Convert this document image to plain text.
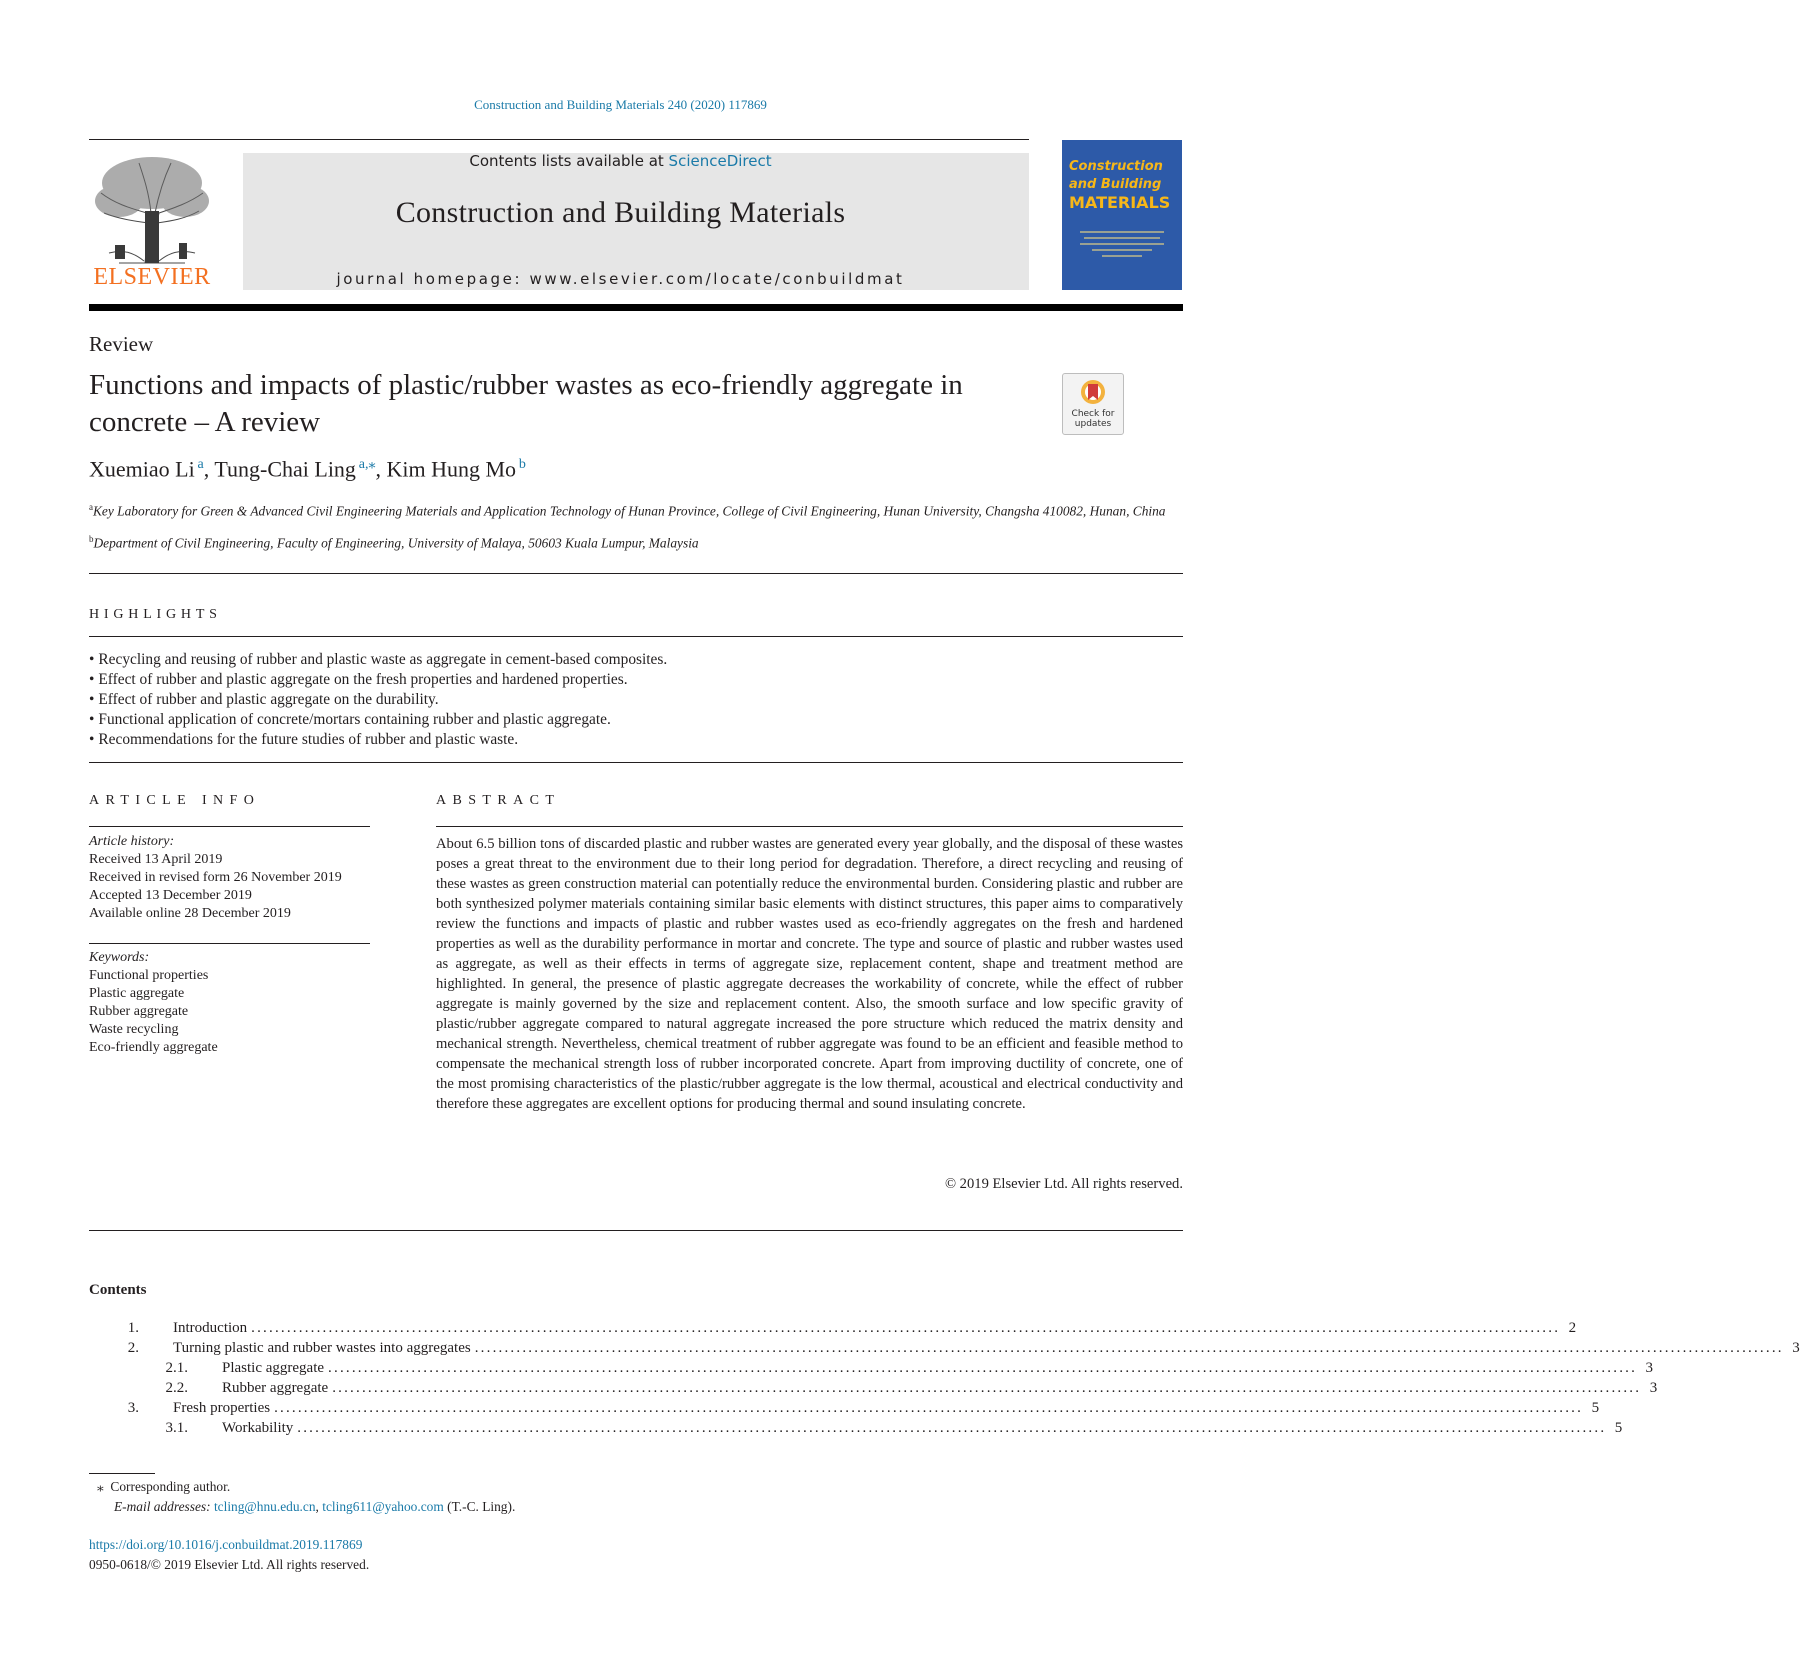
Construction and Building Materials 240 (2020) 117869
ELSEVIER
Contents lists available at ScienceDirect
Construction and Building Materials
journal homepage: www.elsevier.com/locate/conbuildmat
Construction
and Building
MATERIALS
Review
Functions and impacts of plastic/rubber wastes as eco-friendly aggregate in concrete – A review	Check for
updates
Xuemiao Li  $^a$, Tung-Chai Ling  $^{a,⁎}$, Kim Hung Mo  $^b$
$^a$Key Laboratory for Green & Advanced Civil Engineering Materials and Application Technology of Hunan Province, College of Civil Engineering, Hunan University, Changsha 410082, Hunan, China
$^b$Department of Civil Engineering, Faculty of Engineering, University of Malaya, 50603 Kuala Lumpur, Malaysia
HIGHLIGHTS
• Recycling and reusing of rubber and plastic waste as aggregate in cement-based composites.
• Effect of rubber and plastic aggregate on the fresh properties and hardened properties.
• Effect of rubber and plastic aggregate on the durability.
• Functional application of concrete/mortars containing rubber and plastic aggregate.
• Recommendations for the future studies of rubber and plastic waste.
ARTICLE INFO	ABSTRACT
Article history:
Received 13 April 2019
Received in revised form 26 November 2019
Accepted 13 December 2019
Available online 28 December 2019
Keywords:
Functional properties
Plastic aggregate
Rubber aggregate
Waste recycling
Eco-friendly aggregate
About 6.5 billion tons of discarded plastic and rubber wastes are generated every year globally, and the disposal of these wastes poses a great threat to the environment due to their long period for degradation. Therefore, a direct recycling and reusing of these wastes as green construction material can potentially reduce the environmental burden. Considering plastic and rubber are both synthesized polymer materials containing similar basic elements with distinct structures, this paper aims to comparatively review the functions and impacts of plastic and rubber wastes used as eco-friendly aggregates on the fresh and hardened properties as well as the durability performance in mortar and concrete. The type and source of plastic and rubber wastes used as aggregate, as well as their effects in terms of aggregate size, replacement content, shape and treatment method are highlighted. In general, the presence of plastic aggregate decreases the workability of concrete, while the effect of rubber aggregate is mainly governed by the size and replacement content. Also, the smooth surface and low specific gravity of plastic/rubber aggregate compared to natural aggregate increased the pore structure which reduced the matrix density and mechanical strength. Nevertheless, chemical treatment of rubber aggregate was found to be an efficient and feasible method to compensate the mechanical strength loss of rubber incorporated concrete. Apart from improving ductility of concrete, one of the most promising characteristics of the plastic/rubber aggregate is the low thermal, acoustical and electrical conductivity and therefore these aggregates are excellent options for producing thermal and sound insulating concrete.
© 2019 Elsevier Ltd. All rights reserved.
Contents
1. Introduction ............................................................................................................................................................................................................................ 2
2. Turning plastic and rubber wastes into aggregates ............................................................................................................................................................................................................................ 3
2.1. Plastic aggregate ............................................................................................................................................................................................................................ 3
2.2. Rubber aggregate ............................................................................................................................................................................................................................ 3
3. Fresh properties ............................................................................................................................................................................................................................ 5
3.1. Workability ............................................................................................................................................................................................................................ 5
⁎ Corresponding author.
E-mail addresses: tcling@hnu.edu.cn, tcling611@yahoo.com (T.-C. Ling).
https://doi.org/10.1016/j.conbuildmat.2019.117869
0950-0618/© 2019 Elsevier Ltd. All rights reserved.
